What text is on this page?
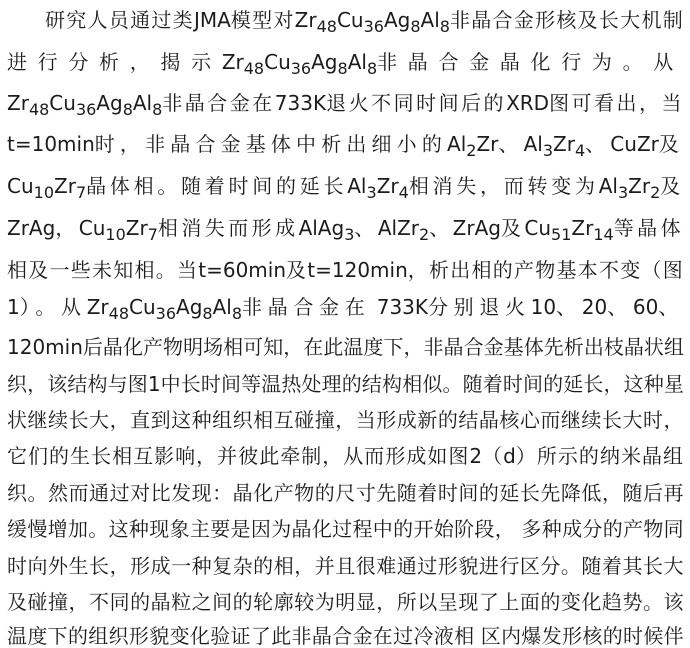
研究人员通过类JMA模型对$Zr_{48}Cu_{36}Ag_8Al_8$非晶合金形核及长大机制
进行分析，揭示$Zr_{48}Cu_{36}Ag_8Al_8$非晶合金晶化行为。从
$Zr_{48}Cu_{36}Ag_8Al_8$非晶合金在733K退火不同时间后的XRD图可看出，当
t=10min时，非晶合金基体中析出细小的$Al_2Zr$、$Al_3Zr_4$、CuZr及
$Cu_{10}Zr_7$晶体相。随着时间的延长$Al_3Zr_4$相消失，而转变为$Al_3Zr_2$及
ZrAg，$Cu_{10}Zr_7$相消失而形成AlAg$_3$、AlZr$_2$、ZrAg及$Cu_{51}Zr_{14}$等晶体
相及一些未知相。当t=60min及t=120min，析出相的产物基本不变（图
1）。从$Zr_{48}Cu_{36}Ag_8Al_8$非晶合金在 733K分别退火10、20、60、
120min后晶化产物明场相可知，在此温度下，非晶合金基体先析出枝晶状组
织，该结构与图1中长时间等温热处理的结构相似。随着时间的延长，这种星
状继续长大，直到这种组织相互碰撞，当形成新的结晶核心而继续长大时，
它们的生长相互影响，并彼此牵制，从而形成如图2（d）所示的纳米晶组
织。然而通过对比发现：晶化产物的尺寸先随着时间的延长先降低，随后再
缓慢增加。这种现象主要是因为晶化过程中的开始阶段， 多种成分的产物同
时向外生长，形成一种复杂的相，并且很难通过形貌进行区分。随着其长大
及碰撞，不同的晶粒之间的轮廓较为明显，所以呈现了上面的变化趋势。该
温度下的组织形貌变化验证了此非晶合金在过冷液相 区内爆发形核的时候伴
